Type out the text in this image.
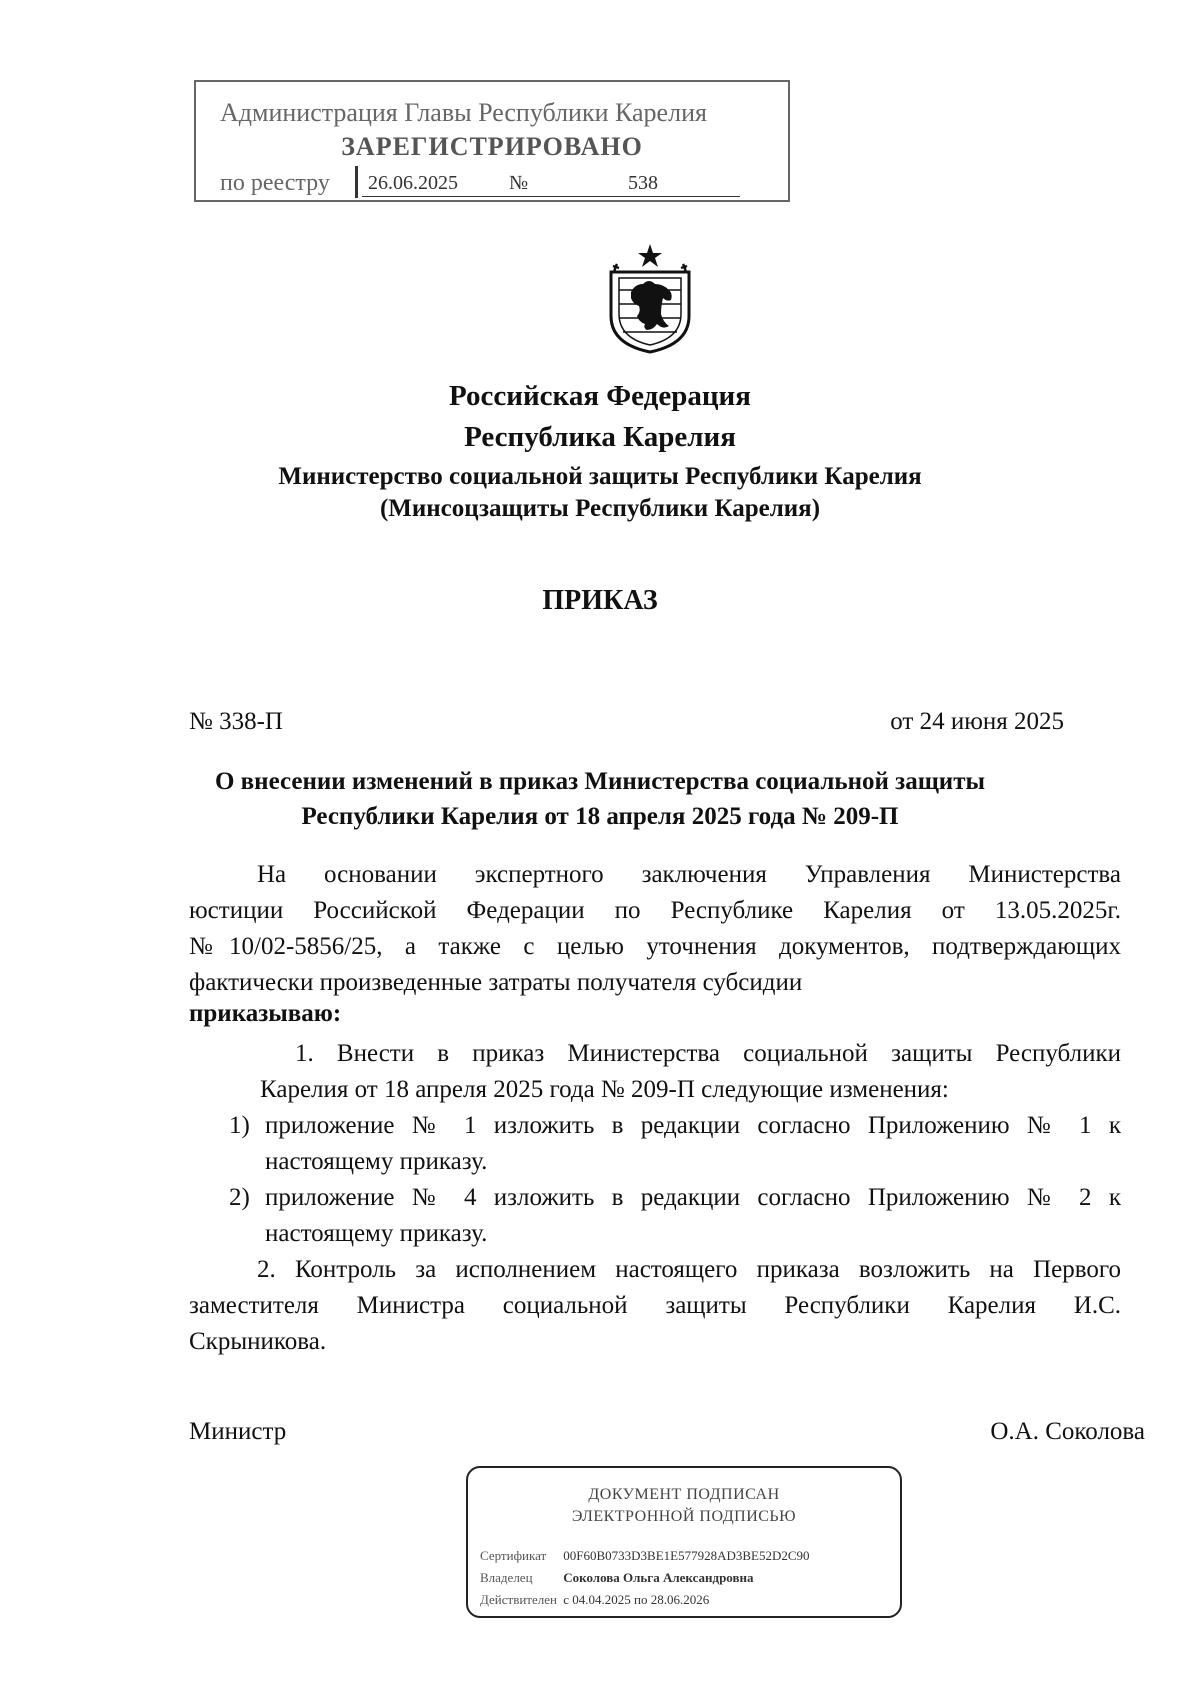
Администрация Главы Республики Карелия
ЗАРЕГИСТРИРОВАНО
по реестру 26.06.2025	№	538
Российская Федерация
Республика Карелия
Министерство социальной защиты Республики Карелия
(Минсоцзащиты Республики Карелия)
ПРИКАЗ
№ 338-П	от 24 июня 2025
О внесении изменений в приказ Министерства социальной защиты
Республики Карелия от 18 апреля 2025 года № 209-П
На основании экспертного заключения Управления Министерства
юстиции Российской Федерации по Республике Карелия от 13.05.2025г.
№10/02-5856/25, а также с целью уточнения документов, подтверждающих
фактически произведенные затраты получателя субсидии
приказываю:
1. Внести в приказ Министерства социальной защиты Республики
Карелия от 18 апреля 2025 года № 209-П следующие изменения:
1) приложение № 1 изложить в редакции согласно Приложению № 1 к
настоящему приказу.
2) приложение № 4 изложить в редакции согласно Приложению № 2 к
настоящему приказу.
2. Контроль за исполнением настоящего приказа возложить на Первого
заместителя Министра социальной защиты Республики Карелия И.С.
Скрыникова.
Министр	О.А. Соколова
ДОКУМЕНТ ПОДПИСАН
ЭЛЕКТРОННОЙ ПОДПИСЬЮ
Сертификат 00F60B0733D3BE1E577928AD3BE52D2C90
Владелец Соколова Ольга Александровна
Действителен с 04.04.2025 по 28.06.2026
